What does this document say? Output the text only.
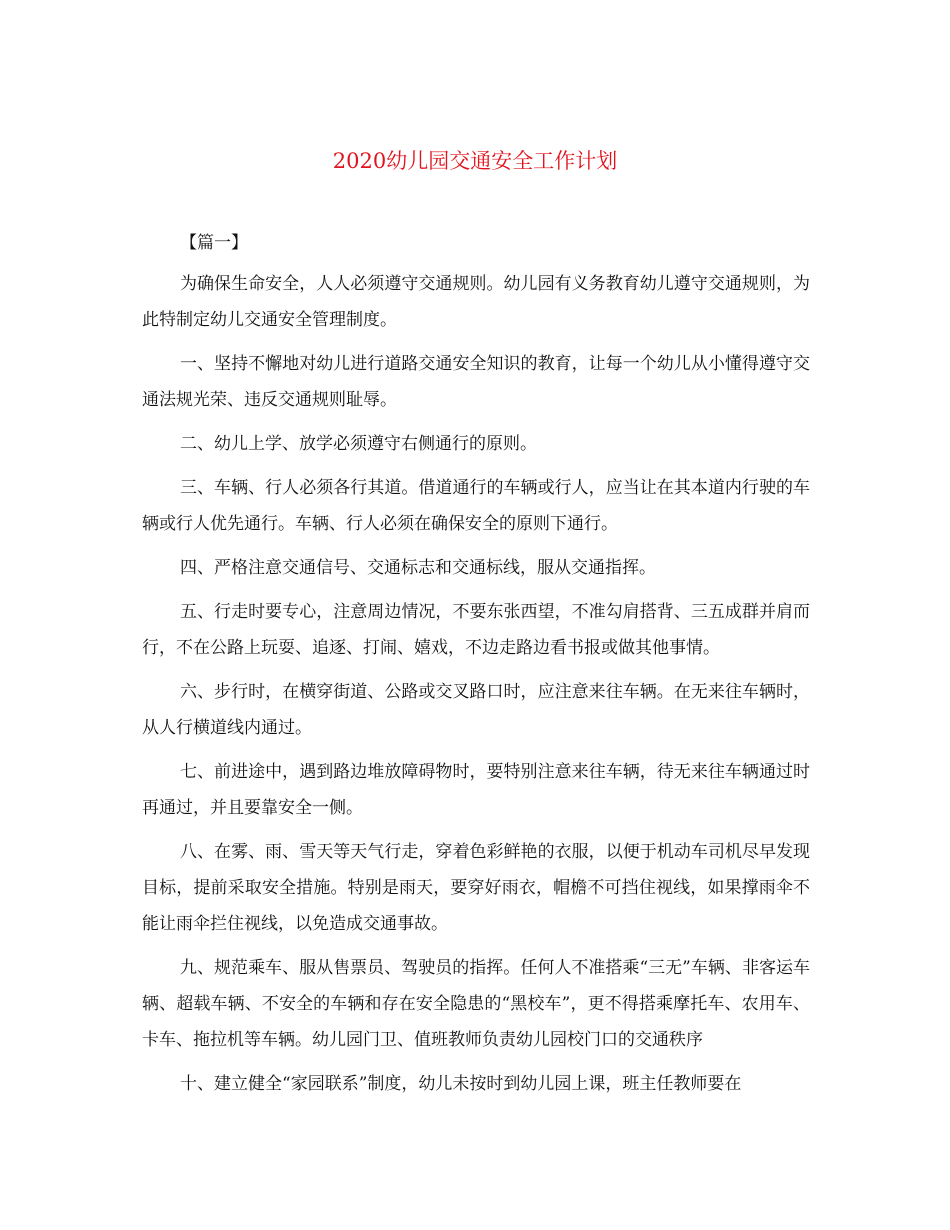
2020幼儿园交通安全工作计划

【篇一】

为确保生命安全，人人必须遵守交通规则。幼儿园有义务教育幼儿遵守交通规则，为此特制定幼儿交通安全管理制度。

一、坚持不懈地对幼儿进行道路交通安全知识的教育，让每一个幼儿从小懂得遵守交通法规光荣、违反交通规则耻辱。

二、幼儿上学、放学必须遵守右侧通行的原则。

三、车辆、行人必须各行其道。借道通行的车辆或行人，应当让在其本道内行驶的车辆或行人优先通行。车辆、行人必须在确保安全的原则下通行。

四、严格注意交通信号、交通标志和交通标线，服从交通指挥。

五、行走时要专心，注意周边情况，不要东张西望，不准勾肩搭背、三五成群并肩而行，不在公路上玩耍、追逐、打闹、嬉戏，不边走路边看书报或做其他事情。

六、步行时，在横穿街道、公路或交叉路口时，应注意来往车辆。在无来往车辆时，从人行横道线内通过。

七、前进途中，遇到路边堆放障碍物时，要特别注意来往车辆，待无来往车辆通过时再通过，并且要靠安全一侧。

八、在雾、雨、雪天等天气行走，穿着色彩鲜艳的衣服，以便于机动车司机尽早发现目标，提前采取安全措施。特别是雨天，要穿好雨衣，帽檐不可挡住视线，如果撑雨伞不能让雨伞拦住视线，以免造成交通事故。

九、规范乘车、服从售票员、驾驶员的指挥。任何人不准搭乘“三无”车辆、非客运车辆、超载车辆、不安全的车辆和存在安全隐患的“黑校车”，更不得搭乘摩托车、农用车、卡车、拖拉机等车辆。幼儿园门卫、值班教师负责幼儿园校门口的交通秩序

十、建立健全“家园联系”制度，幼儿未按时到幼儿园上课，班主任教师要在
